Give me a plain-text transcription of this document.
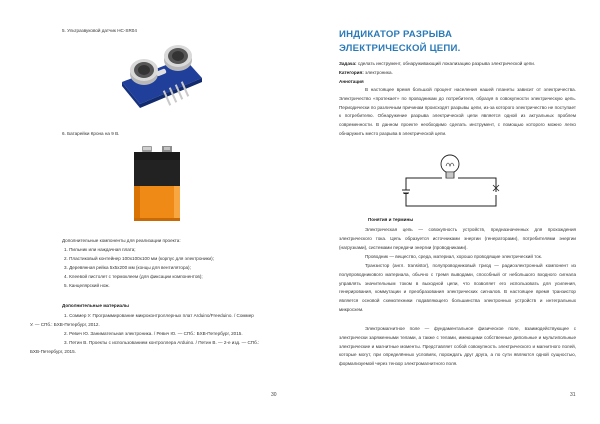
5. Ультразвуковой датчик HC-SR04
6. Батарейки Крона на 9 В.
Дополнительные компоненты для реализации проекта:
1. Пильник или наждачная плата;
2. Пластиковый контейнер 100х100х100 мм (корпус для электроники);
3. Деревянная рейка 5х5х200 мм (концы для вентилятора);
4. Клеевой пистолет с термоклеем (для фиксации компонентов);
5. Канцелярский нож.
Дополнительные материалы
1. Соммер У. Программирование микроконтроллерных плат Arduino/Freeduino. / Соммер
У. — СПб.: БХВ-Петербург, 2012.
2. Ревич Ю. Занимательная электроника. / Ревич Ю. — СПб.: БХВ-Петербург, 2015.
3. Петин В. Проекты с использованием контроллера Arduino. / Петин В. — 2-е изд. — СПб.:
БХВ-Петербург, 2015.
30
ИНДИКАТОР РАЗРЫВА
ЭЛЕКТРИЧЕСКОЙ ЦЕПИ.
Задача: сделать инструмент, обнаруживающий локализацию разрыва электрической цепи.
Категория: электроника.
Аннотация
В настоящее время большой процент населения нашей планеты зависит от электричества. Электричество «протекает» по проводникам до потребителя, образуя в совокупности электрическую цепь. Периодически по различным причинам происходят разрывы цепи, из-за которого электричество не поступает к потребителю. Обнаружение разрыва электрической цепи является одной из актуальных проблем современности. В данном проекте необходимо сделать инструмент, с помощью которого можно легко обнаружить место разрыва в электрической цепи.
Понятия и термины
Электрическая цепь — совокупность устройств, предназначенных для прохождения электрического тока. Цепь образуется источниками энергии (генераторами), потребителями энергии (нагрузками), системами передачи энергии (проводниками).
Проводник — вещество, среда, материал, хорошо проводящие электрический ток.
Транзистор (англ. transistor), полупроводниковый триод — радиоэлектронный компонент из полупроводникового материала, обычно с тремя выводами, способный от небольшого входного сигнала управлять значительным током в выходной цепи, что позволяет его использовать для усиления, генерирования, коммутации и преобразования электрических сигналов. В настоящее время транзистор является основой схемотехники подавляющего большинства электронных устройств и интегральных микросхем.
Электромагнитное поле — фундаментальное физическое поле, взаимодействующее с электрически заряженными телами, а также с телами, имеющими собственные дипольные и мультипольные электрические и магнитные моменты. Представляет собой совокупность электрического и магнитного полей, которые могут, при определённых условиях, порождать друг друга, а по сути являются одной сущностью, формализуемой через тензор электромагнитного поля.
31
